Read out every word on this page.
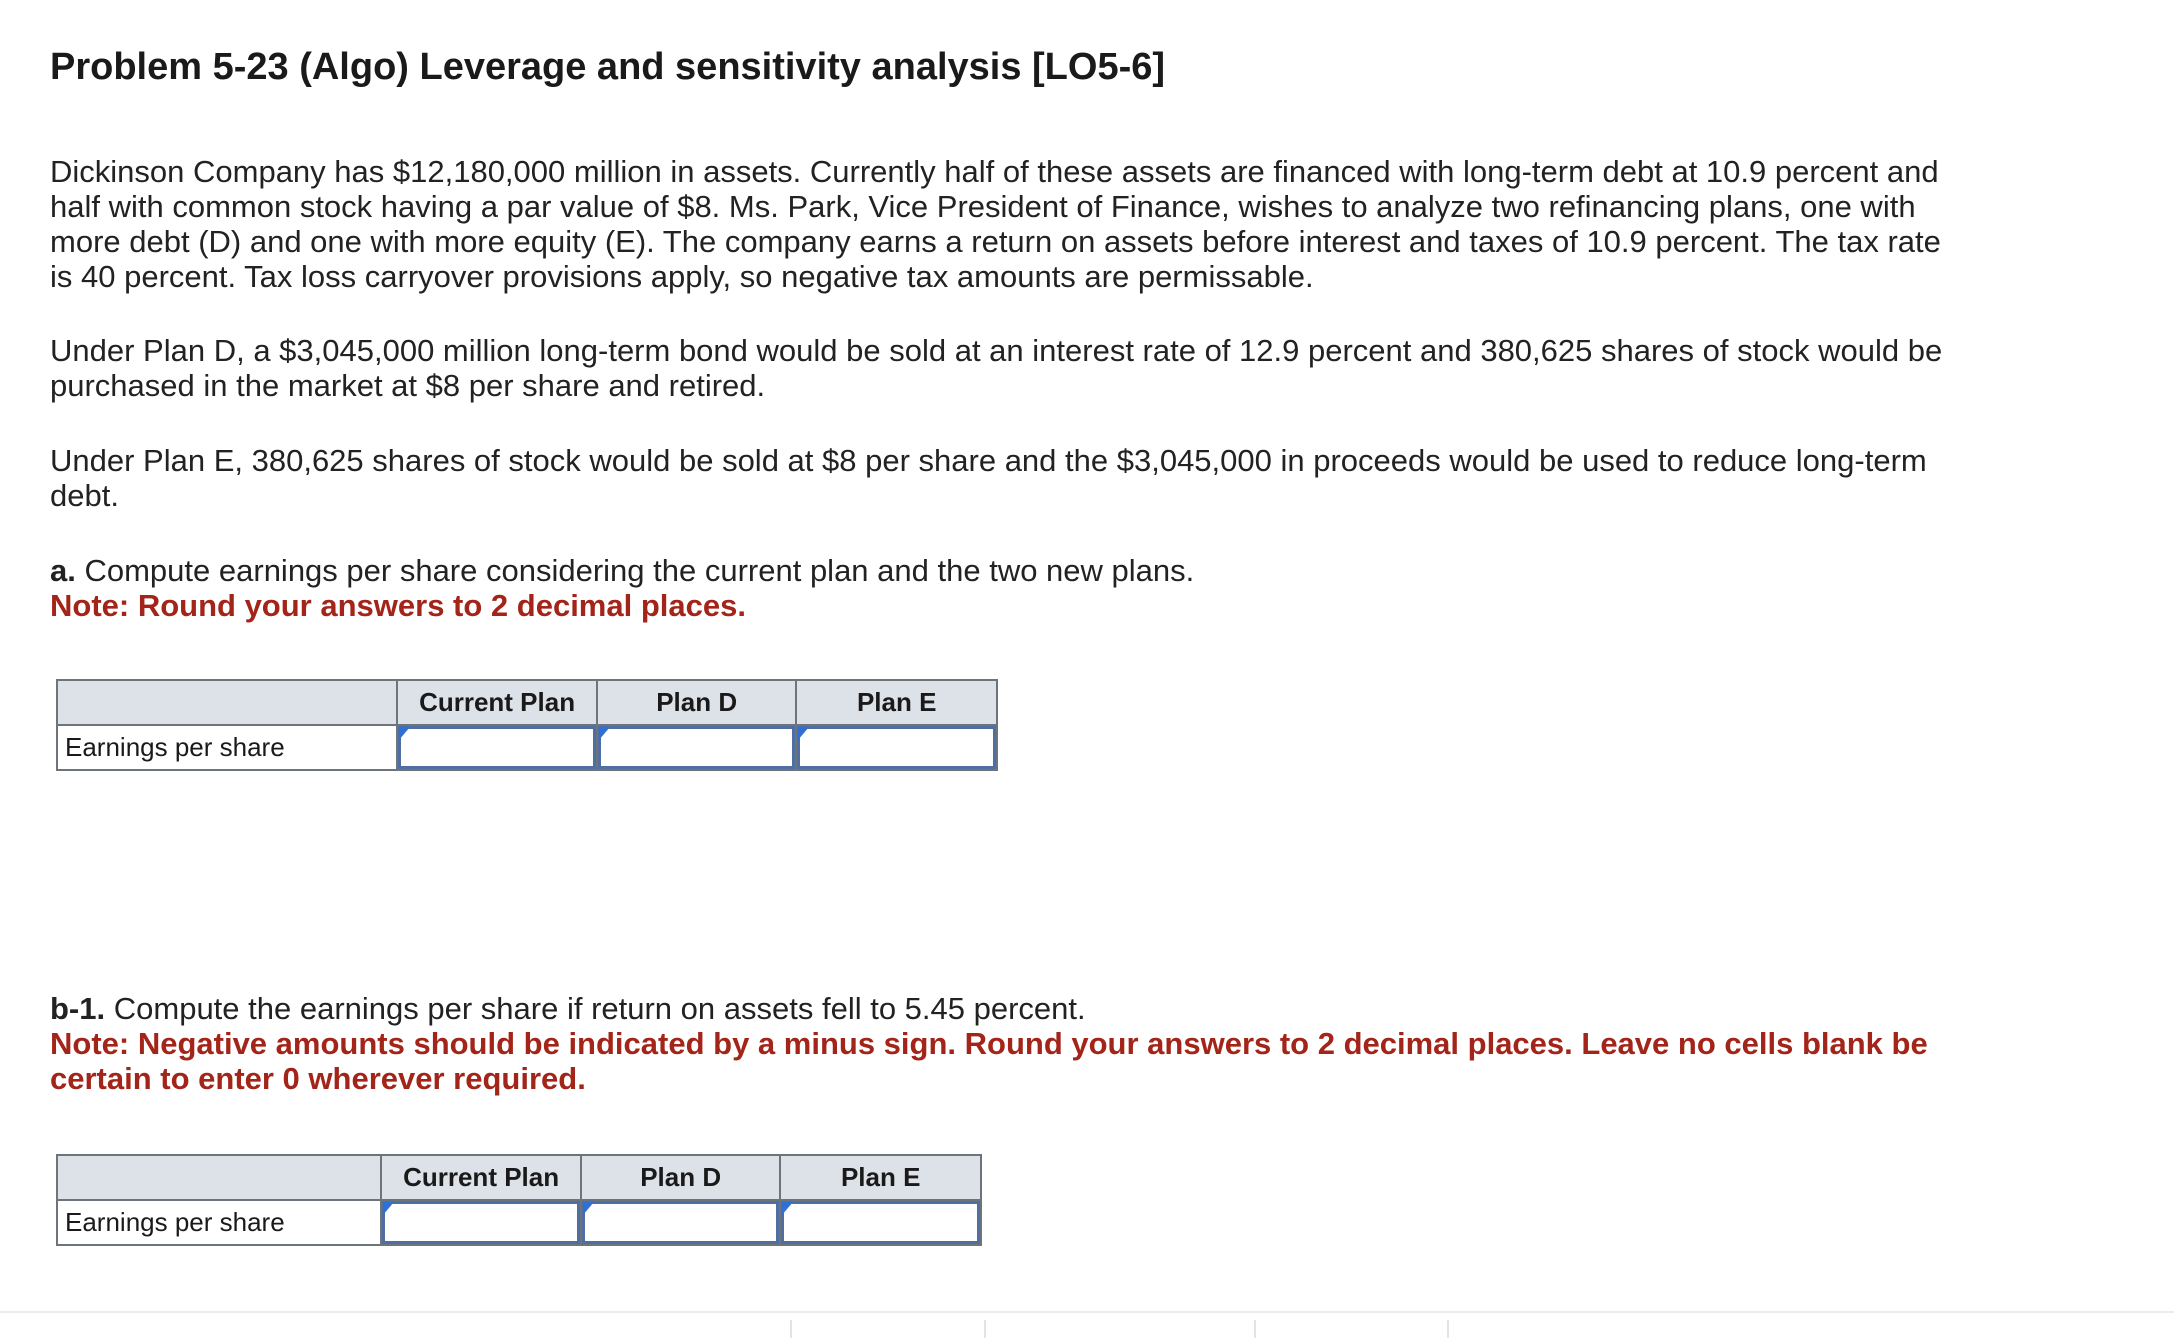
Problem 5-23 (Algo) Leverage and sensitivity analysis [LO5-6]

Dickinson Company has $12,180,000 million in assets. Currently half of these assets are financed with long-term debt at 10.9 percent and half with common stock having a par value of $8. Ms. Park, Vice President of Finance, wishes to analyze two refinancing plans, one with more debt (D) and one with more equity (E). The company earns a return on assets before interest and taxes of 10.9 percent. The tax rate is 40 percent. Tax loss carryover provisions apply, so negative tax amounts are permissable.

Under Plan D, a $3,045,000 million long-term bond would be sold at an interest rate of 12.9 percent and 380,625 shares of stock would be purchased in the market at $8 per share and retired.

Under Plan E, 380,625 shares of stock would be sold at $8 per share and the $3,045,000 in proceeds would be used to reduce long-term debt.

a. Compute earnings per share considering the current plan and the two new plans.
Note: Round your answers to 2 decimal places.

	Current Plan	Plan D	Plan E
Earnings per share	

b-1. Compute the earnings per share if return on assets fell to 5.45 percent.
Note: Negative amounts should be indicated by a minus sign. Round your answers to 2 decimal places. Leave no cells blank be certain to enter 0 wherever required.

	Current Plan	Plan D	Plan E
Earnings per share	
